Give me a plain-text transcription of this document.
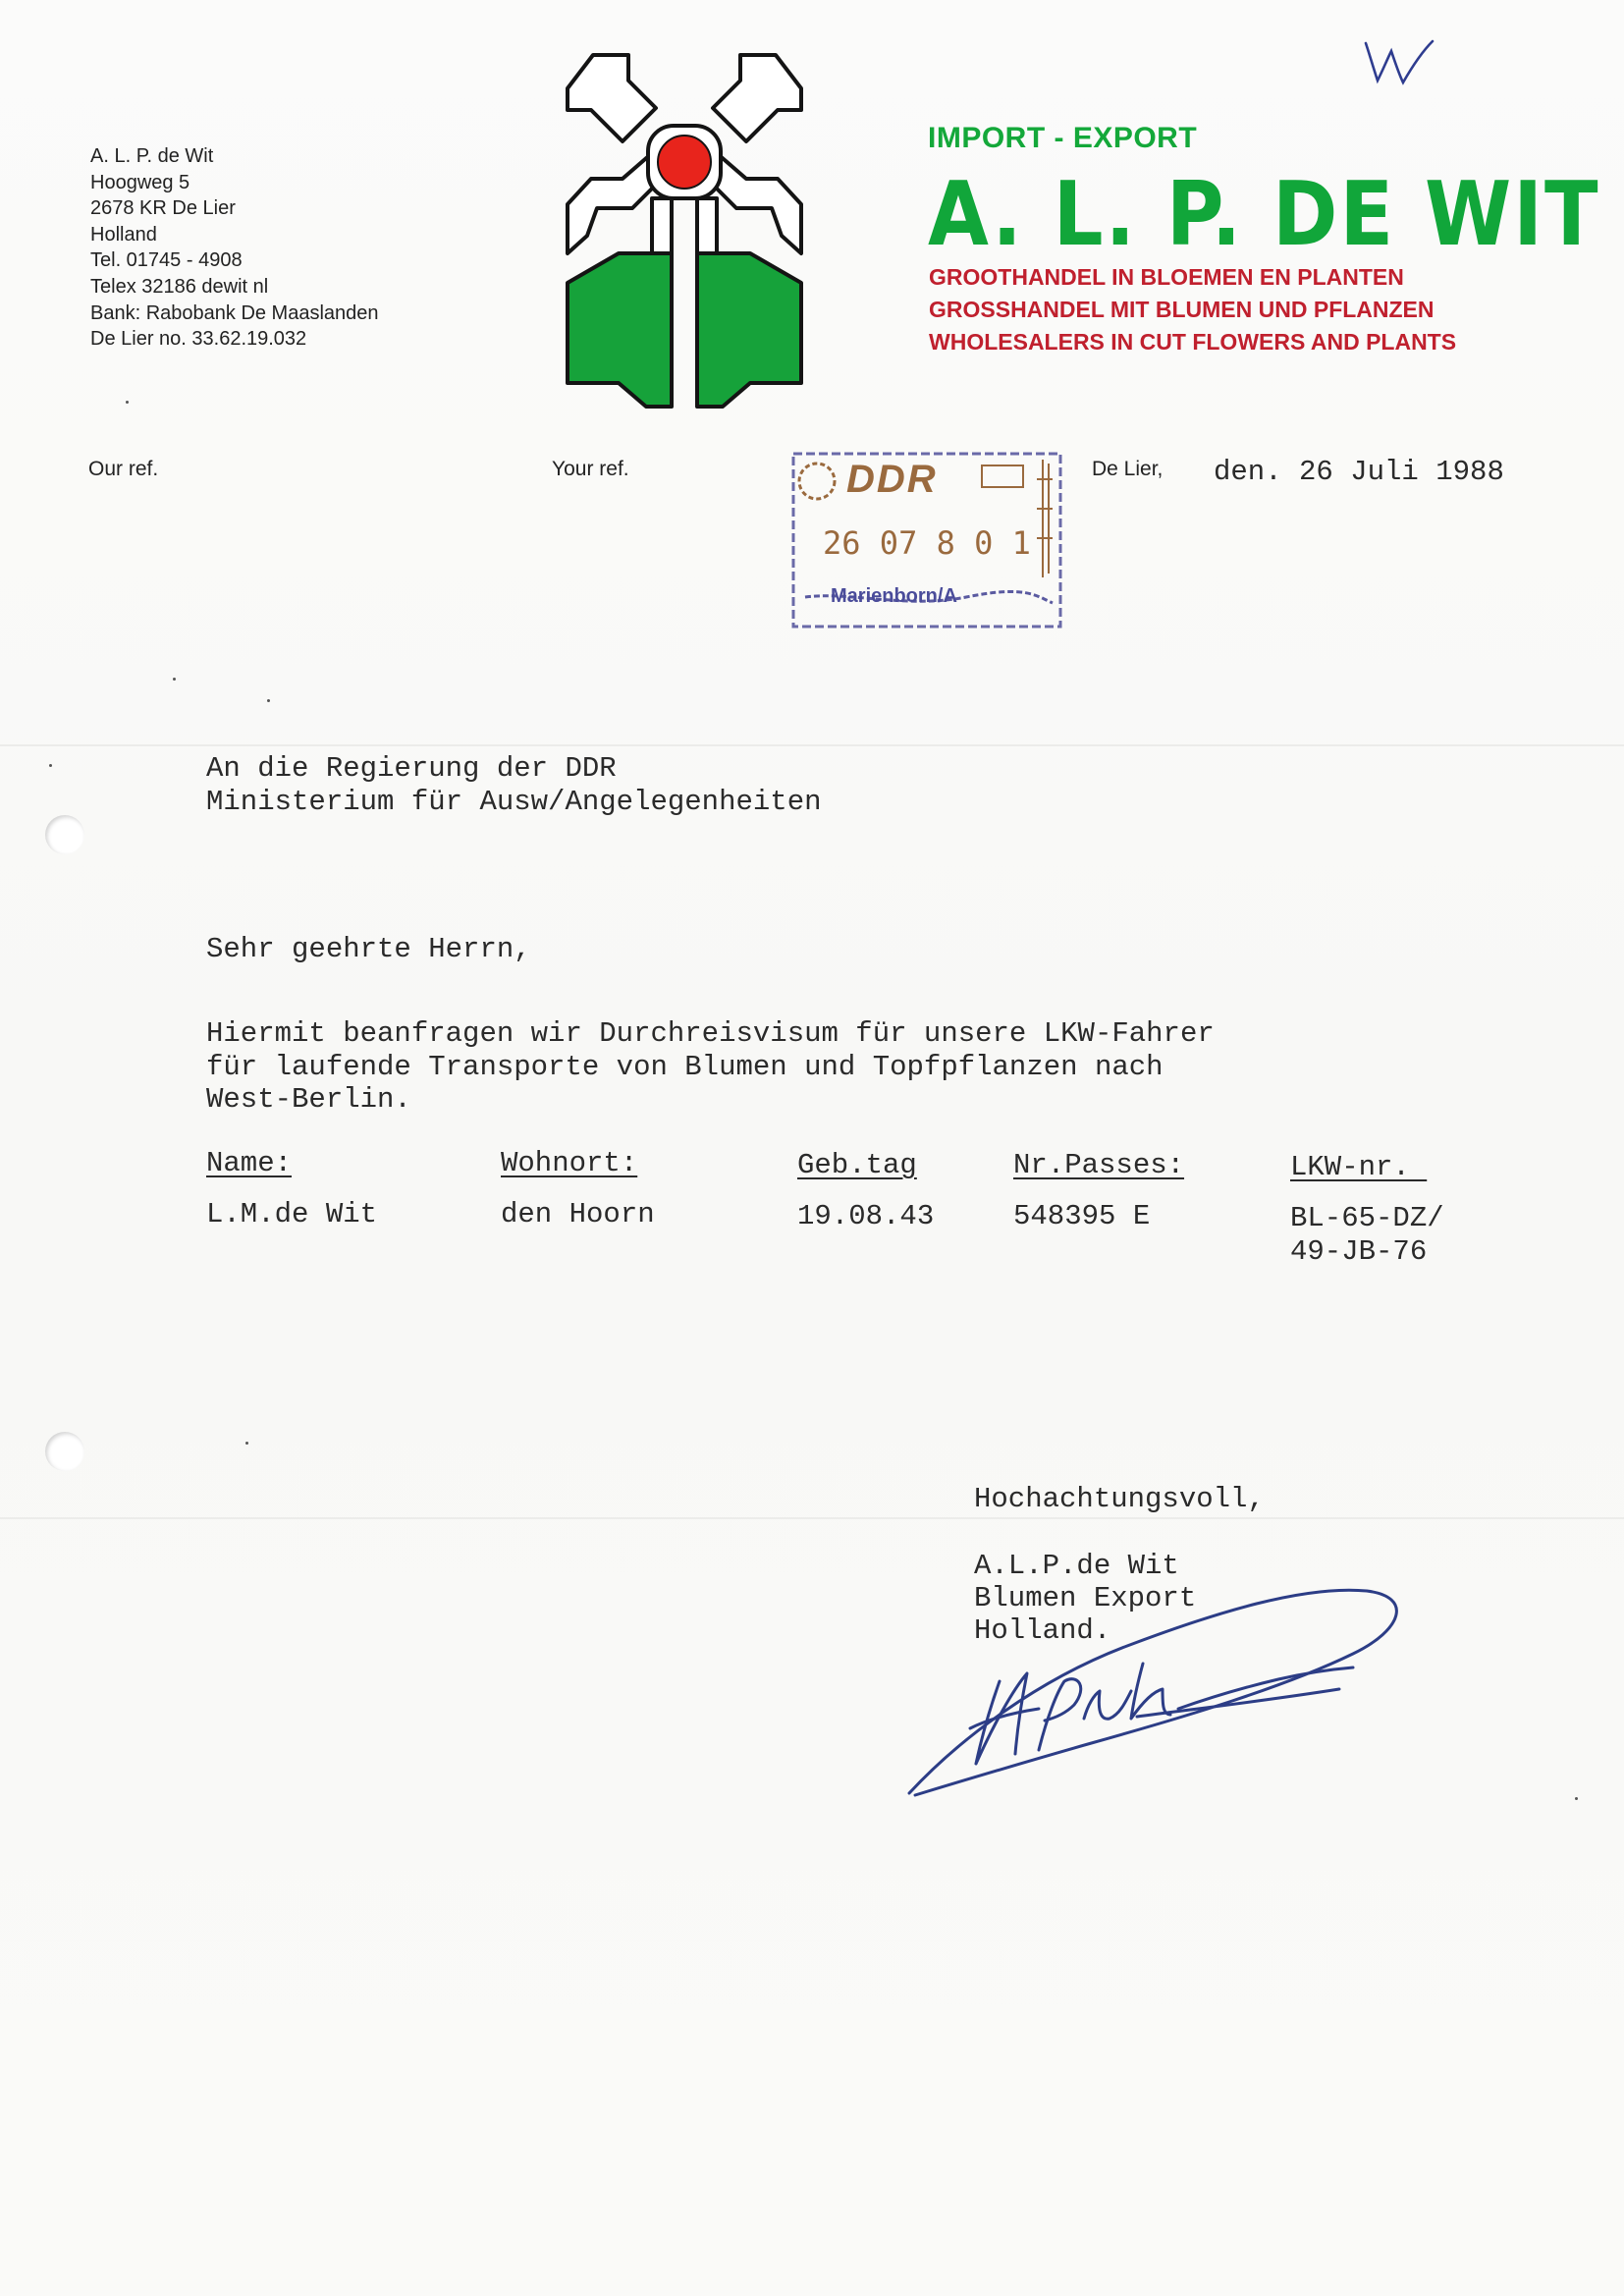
A. L. P. de Wit
Hoogweg 5
2678 KR De Lier
Holland
Tel. 01745 - 4908
Telex 32186 dewit nl
Bank: Rabobank De Maaslanden
De Lier no. 33.62.19.032
IMPORT - EXPORT
A. L. P. DE WIT
GROOTHANDEL IN BLOEMEN EN PLANTEN
GROSSHANDEL MIT BLUMEN UND PFLANZEN
WHOLESALERS IN CUT FLOWERS AND PLANTS
Our ref.	Your ref.	De Lier, den. 26 Juli 1988
DDR
26 07 8 0 1
Marienborn/A
An die Regierung der DDR
Ministerium für Ausw/Angelegenheiten
Sehr geehrte Herrn,
Hiermit beanfragen wir Durchreisvisum für unsere LKW-Fahrer
für laufende Transporte von Blumen und Topfpflanzen nach
West-Berlin.
Name:	Wohnort:	Geb.tag	Nr.Passes:	LKW-nr.
L.M.de Wit	den Hoorn	19.08.43	548395 E	BL-65-DZ/
49-JB-76
Hochachtungsvoll,
A.L.P.de Wit
Blumen Export
Holland.
